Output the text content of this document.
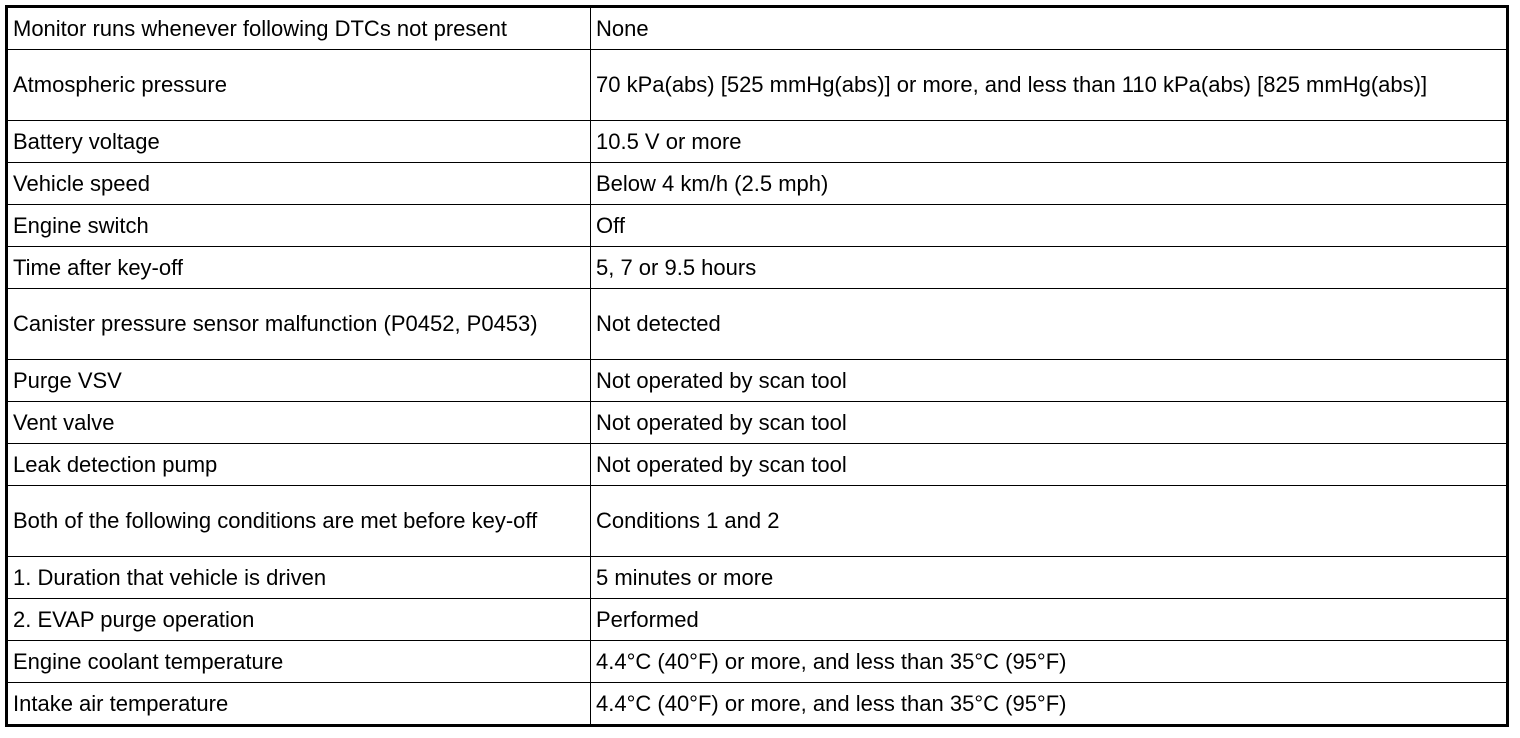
Monitor runs whenever following DTCs not present	None
Atmospheric pressure	70 kPa(abs) [525 mmHg(abs)] or more, and less than 110 kPa(abs) [825 mmHg(abs)]
Battery voltage	10.5 V or more
Vehicle speed	Below 4 km/h (2.5 mph)
Engine switch	Off
Time after key-off	5, 7 or 9.5 hours
Canister pressure sensor malfunction (P0452, P0453)	Not detected
Purge VSV	Not operated by scan tool
Vent valve	Not operated by scan tool
Leak detection pump	Not operated by scan tool
Both of the following conditions are met before key-off	Conditions 1 and 2
1. Duration that vehicle is driven	5 minutes or more
2. EVAP purge operation	Performed
Engine coolant temperature	4.4°C (40°F) or more, and less than 35°C (95°F)
Intake air temperature	4.4°C (40°F) or more, and less than 35°C (95°F)
